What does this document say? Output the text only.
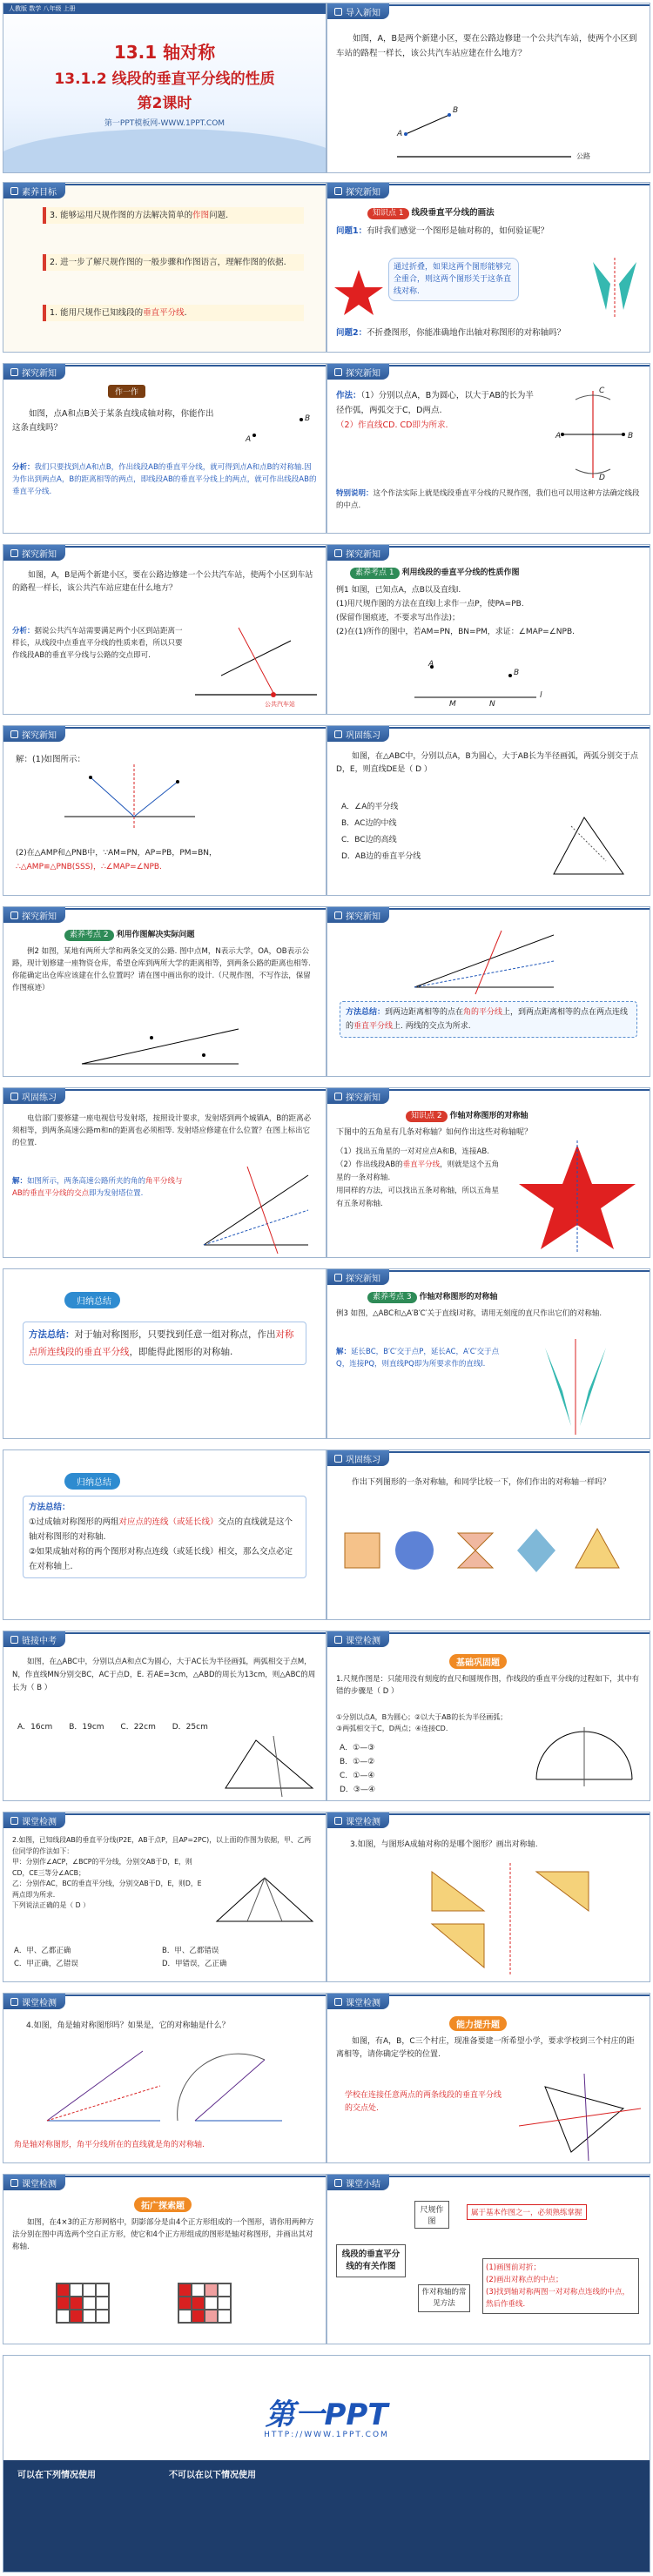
人教版 数学 八年级 上册
13.1 轴对称
13.1.2 线段的垂直平分线的性质
第2课时
第一PPT模板网-WWW.1PPT.COM
导入新知
如图，A，B是两个新建小区，要在公路边修建一个公共汽车站，使两个小区到车站的路程一样长，该公共汽车站应建在什么地方？
A
B
公路
素养目标
3. 能够运用尺规作图的方法解决简单的作图问题.
2. 进一步了解尺规作图的一般步骤和作图语言，理解作图的依据.
1. 能用尺规作已知线段的垂直平分线.
探究新知
知识点 1 线段垂直平分线的画法
问题1：有时我们感觉一个图形是轴对称的，如何验证呢？
通过折叠，如果这两个图形能够完全重合，则这两个图形关于这条直线对称.
问题2：不折叠图形，你能准确地作出轴对称图形的对称轴吗？
探究新知
作一作
如图，点A和点B关于某条直线成轴对称，你能作出这条直线吗？
A
B
分析：我们只要找到点A和点B，作出线段AB的垂直平分线，就可得到点A和点B的对称轴.因为作出到两点A，B的距离相等的两点，即线段AB的垂直平分线上的两点，就可作出线段AB的垂直平分线.
探究新知
作法：（1）分别以点A，B为圆心，以大于AB的长为半径作弧，两弧交于C，D两点.
（2）作直线CD. CD即为所求.
A	B
C
D
特别说明：这个作法实际上就是线段垂直平分线的尺规作图，我们也可以用这种方法确定线段的中点.
探究新知
如图，A，B是两个新建小区，要在公路边修建一个公共汽车站，使两个小区到车站的路程一样长，该公共汽车站应建在什么地方？
分析：据说公共汽车站需要满足两个小区到站距离一样长，从线段中点垂直平分线的性质来看，所以只要作线段AB的垂直平分线与公路的交点即可.
公共汽车站
探究新知
素养考点 1 利用线段的垂直平分线的性质作图
例1 如图，已知点A，点B以及直线l.
(1)用尺规作图的方法在直线l上求作一点P，使PA=PB.
(保留作图痕迹，不要求写出作法)；
(2)在(1)所作的图中，若AM=PN，BN=PM，求证：∠MAP=∠NPB.
A
B
M	N
l
探究新知
解：(1)如图所示：
(2)在△AMP和△PNB中，∵AM=PN，AP=PB，PM=BN，
∴△AMP≌△PNB(SSS)，∴∠MAP=∠NPB.
巩固练习
如图，在△ABC中，分别以点A，B为圆心，大于AB长为半径画弧，两弧分别交于点D，E，则直线DE是（ D ）
A．∠A的平分线
B．AC边的中线
C．BC边的高线
D．AB边的垂直平分线
探究新知
素养考点 2 利用作图解决实际问题
例2 如图，某地有两所大学和两条交叉的公路. 图中点M，N表示大学，OA，OB表示公路，现计划修建一座物资仓库，希望仓库到两所大学的距离相等，到两条公路的距离也相等. 你能确定出仓库应该建在什么位置吗？请在图中画出你的设计.（尺规作图，不写作法，保留作图痕迹）
探究新知
方法总结：到两边距离相等的点在角的平分线上，到两点距离相等的点在两点连线的垂直平分线上. 两线的交点为所求.
巩固练习
电信部门要修建一座电视信号发射塔，按照设计要求，发射塔到两个城镇A，B的距离必须相等，到两条高速公路m和n的距离也必须相等. 发射塔应修建在什么位置？在图上标出它的位置.
解：如图所示，两条高速公路所夹的角的角平分线与AB的垂直平分线的交点即为发射塔位置.
探究新知
知识点 2 作轴对称图形的对称轴
下图中的五角星有几条对称轴？如何作出这些对称轴呢？
（1）找出五角星的一对对应点A和B，连接AB.
（2）作出线段AB的垂直平分线，则就是这个五角星的一条对称轴.
用同样的方法，可以找出五条对称轴，所以五角星有五条对称轴.
归纳总结
方法总结：对于轴对称图形，只要找到任意一组对称点，作出对称点所连线段的垂直平分线，即能得此图形的对称轴.
探究新知
素养考点 3 作轴对称图形的对称轴
例3 如图，△ABC和△A′B′C′关于直线l对称，请用无刻度的直尺作出它们的对称轴.
解：延长BC，B′C′交于点P，延长AC，A′C′交于点Q，连接PQ，则直线PQ即为所要求作的直线l.
归纳总结
方法总结：
①过成轴对称图形的两组对应点的连线（或延长线）交点的直线就是这个轴对称图形的对称轴.
②如果成轴对称的两个图形对称点连线（或延长线）相交，那么交点必定在对称轴上.
巩固练习
作出下列图形的一条对称轴，和同学比较一下，你们作出的对称轴一样吗？
链接中考
如图，在△ABC中，分别以点A和点C为圆心，大于AC长为半径画弧，两弧相交于点M，N，作直线MN分别交BC，AC于点D，E. 若AE=3cm，△ABD的周长为13cm，则△ABC的周长为（ B ）
A．16cm B．19cm C．22cm D．25cm
课堂检测
基础巩固题
1.尺规作图是：只能用没有刻度的直尺和圆规作图，作线段的垂直平分线的过程如下，其中有错的步骤是（ D ）
①分别以点A，B为圆心；②以大于AB的长为半径画弧；③两弧相交于C，D两点；④连接CD.
A．①—③
B．①—②
C．①—④
D．③—④
课堂检测
2.如图，已知线段AB的垂直平分线(P2E，AB于点P，且AP=2PC)，以上面的作图为依据，甲、乙两位同学的作法如下：
甲：分别作∠ACP，∠BCP的平分线，分别交AB于D，E，则CD，CE三等分∠ACB；
乙：分别作AC，BC的垂直平分线，分别交AB于D，E，则D，E两点即为所求.
下列说法正确的是（ D ）
A．甲、乙都正确	B．甲、乙都错误
C．甲正确，乙错误	D．甲错误，乙正确
课堂检测
3.如图，与图形A成轴对称的是哪个图形？画出对称轴.
课堂检测
4.如图，角是轴对称图形吗？如果是，它的对称轴是什么？
角是轴对称图形，角平分线所在的直线就是角的对称轴.
课堂检测
能力提升题
如图，有A，B，C三个村庄，现准备要建一所希望小学，要求学校到三个村庄的距离相等，请你确定学校的位置.
学校在连接任意两点的两条线段的垂直平分线的交点处.
课堂检测
拓广探索题
如图，在4×3的正方形网格中，阴影部分是由4个正方形组成的一个图形，请你用两种方法分别在图中再选两个空白正方形，使它和4个正方形组成的图形是轴对称图形，并画出其对称轴.
课堂小结
线段的垂直平分线的有关作图
尺规作图
属于基本作图之一，必须熟练掌握
作对称轴的常见方法
(1)画图前对折；
(2)画出对称点的中点；
(3)找到轴对称两图一对对称点连线的中点，然后作垂线.
第一PPT
HTTP://WWW.1PPT.COM
可以在下列情况使用	不可以在以下情况使用
